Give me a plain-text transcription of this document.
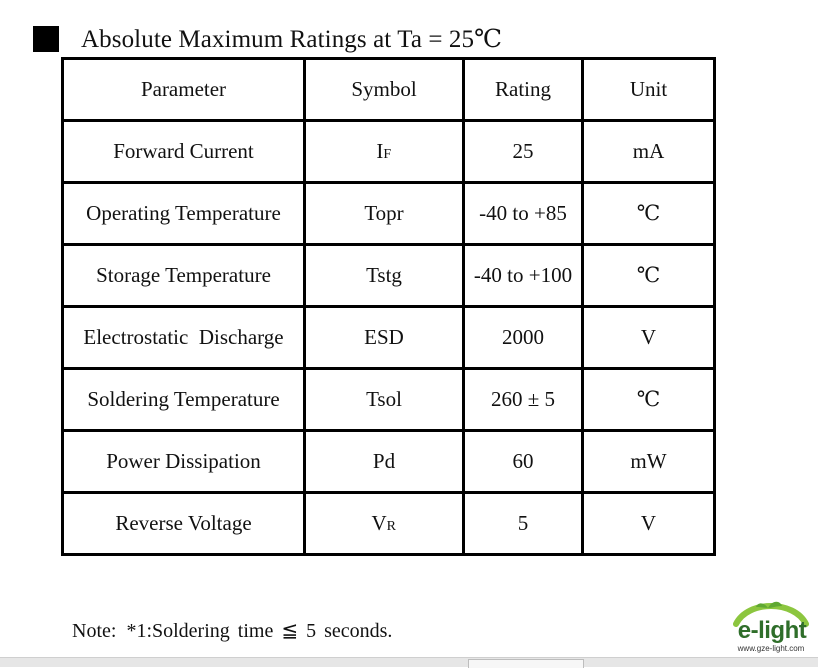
Absolute Maximum Ratings at Ta = 25℃
Parameter	Symbol	Rating	Unit
Forward Current	IF	25	mA
Operating Temperature	Topr	-40 to +85	℃
Storage Temperature	Tstg	-40 to +100	℃
Electrostatic  Discharge	ESD	2000	V
Soldering Temperature	Tsol	260 ± 5	℃
Power Dissipation	Pd	60	mW
Reverse Voltage	VR	5	V
Note: *1:Soldering time ≦ 5 seconds.	e-light
www.gze-light.com
